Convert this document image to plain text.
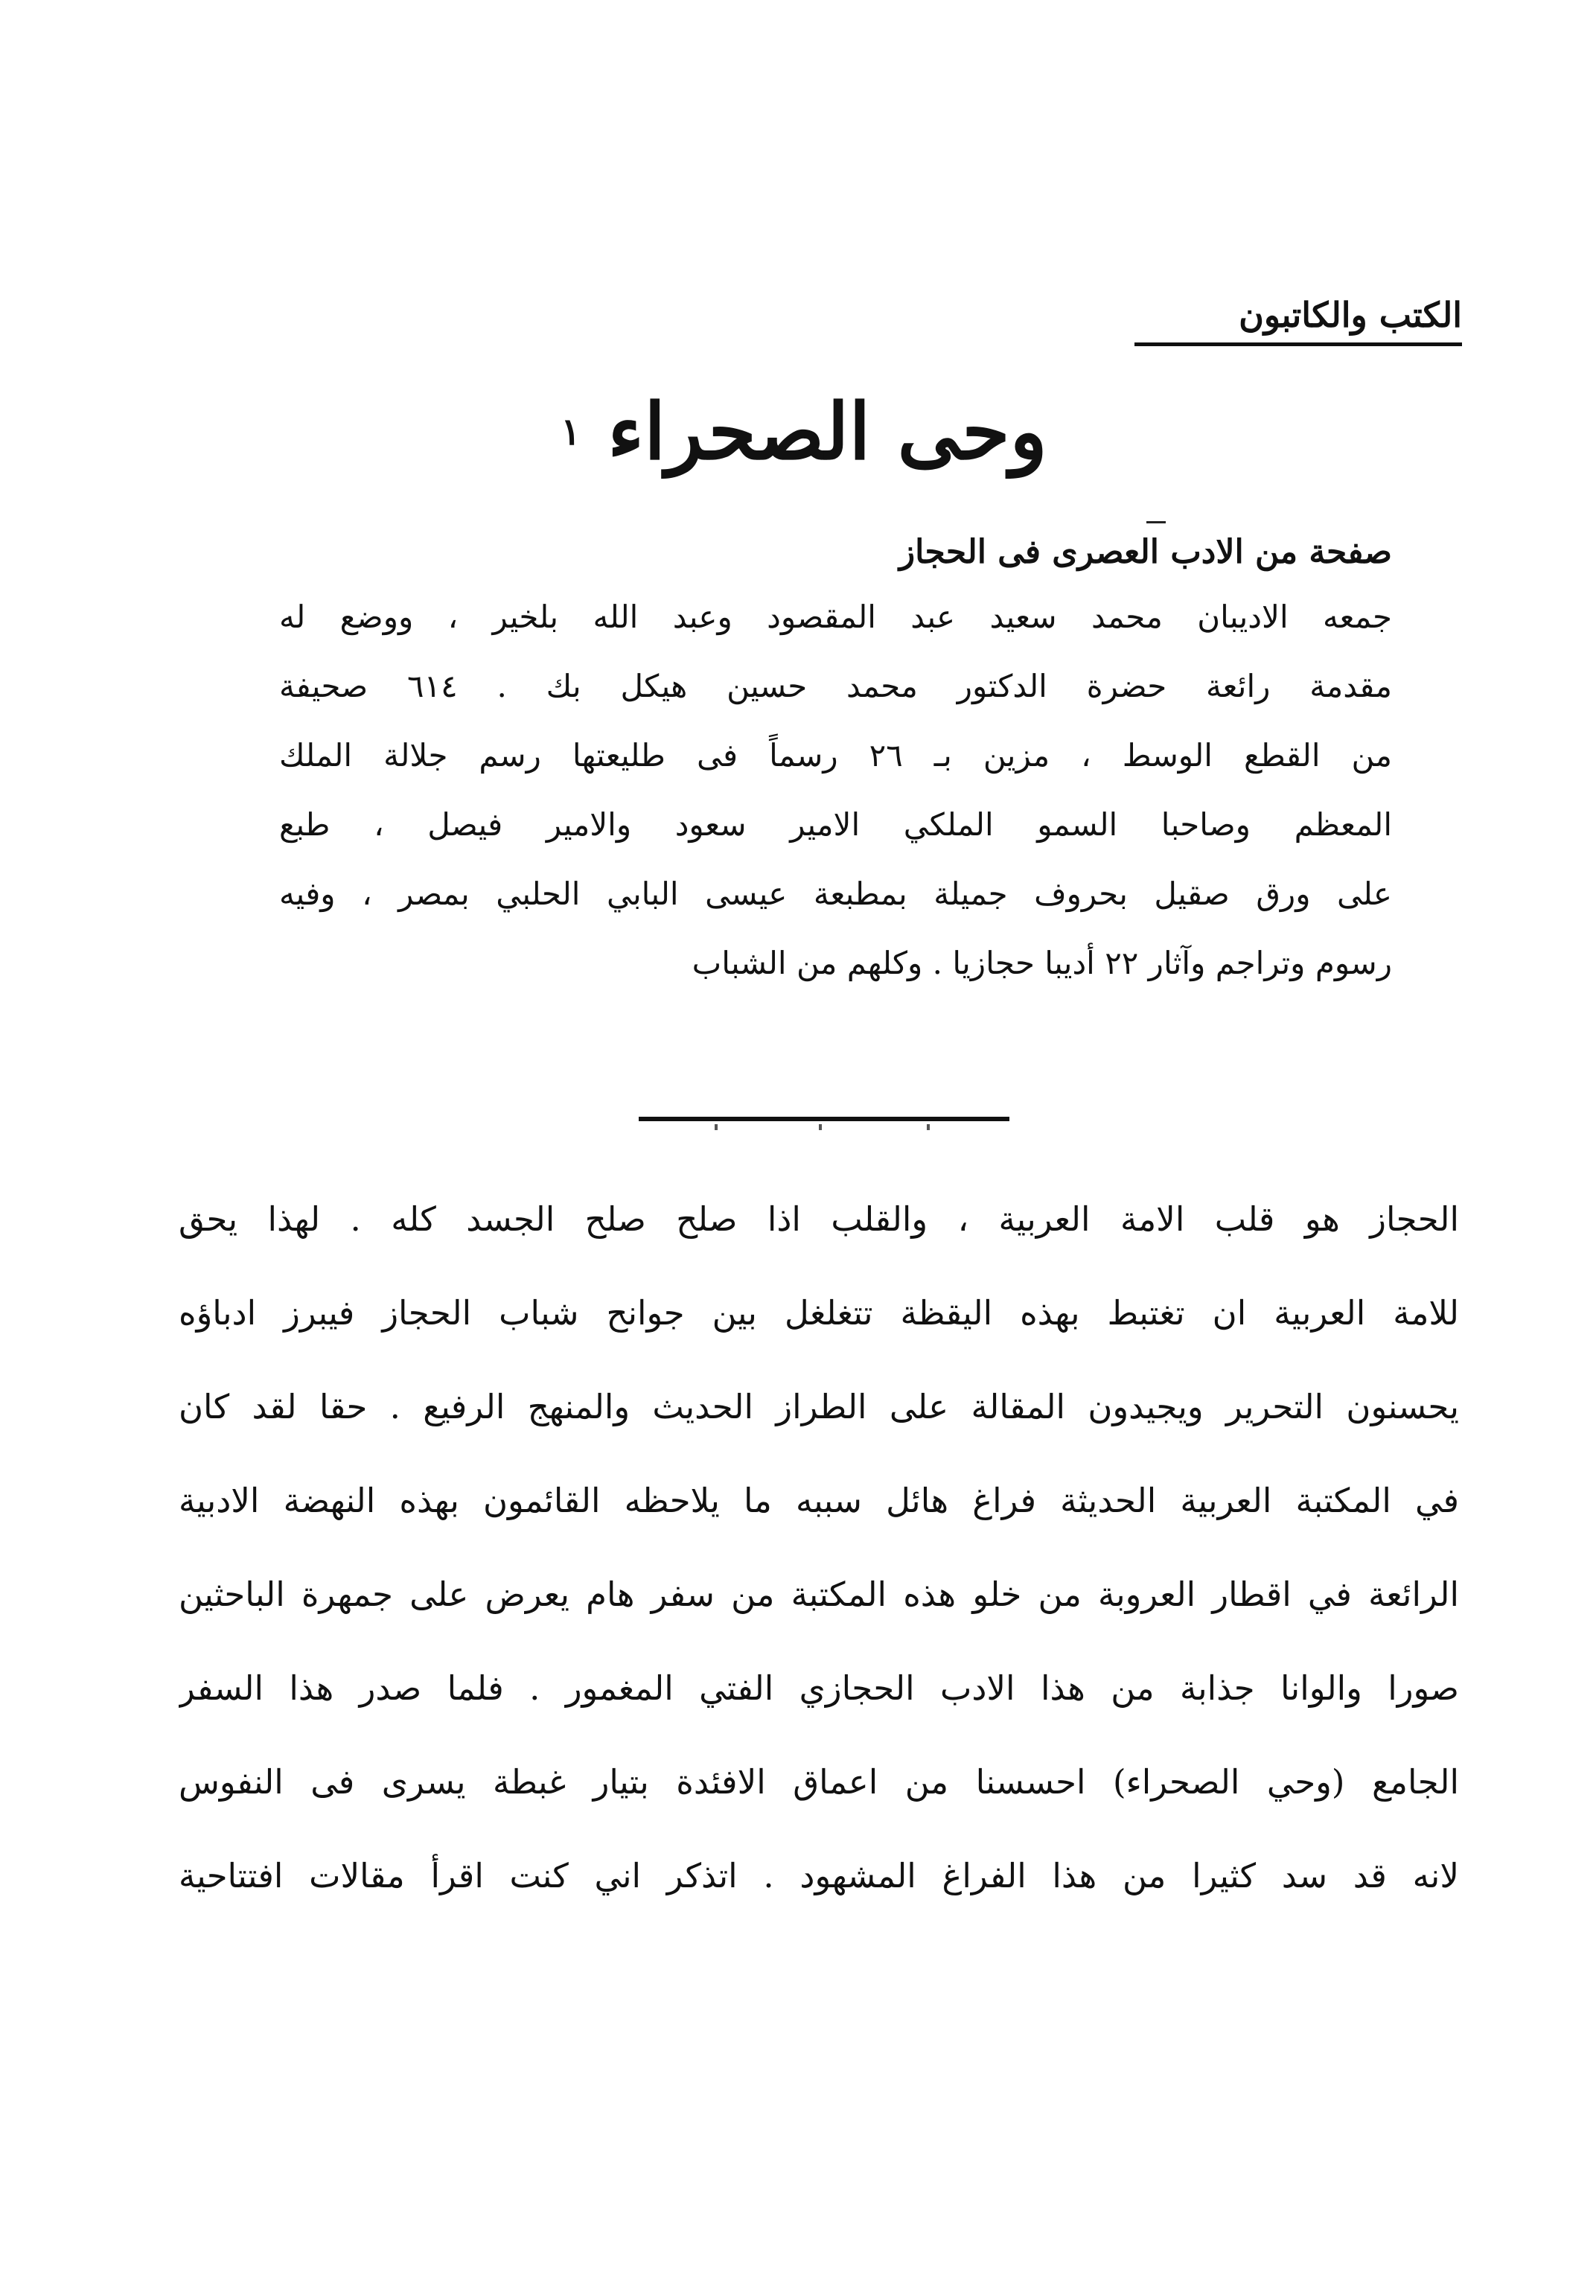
الكتب والكاتبون
وحى الصحراء $^١$
صفحة من الادب العصرى فى الحجاز
جمعه الاديبان محمد سعيد عبد المقصود وعبد الله بلخير ، ووضع له
مقدمة رائعة حضرة الدكتور محمد حسين هيكل بك . ٦١٤ صحيفة
من القطع الوسط ، مزين بـ ٢٦ رسماً فى طليعتها رسم جلالة الملك
المعظم وصاحبا السمو الملكي الامير سعود والامير فيصل ، طبع
على ورق صقيل بحروف جميلة بمطبعة عيسى البابي الحلبي بمصر ، وفيه
رسوم وتراجم وآثار ٢٢ أديبا حجازيا . وكلهم من الشباب
الحجاز هو قلب الامة العربية ، والقلب اذا صلح صلح الجسد كله . لهذا يحق
للامة العربية ان تغتبط بهذه اليقظة تتغلغل بين جوانح شباب الحجاز فيبرز ادباؤه
يحسنون التحرير ويجيدون المقالة على الطراز الحديث والمنهج الرفيع . حقا لقد كان
في المكتبة العربية الحديثة فراغ هائل سببه ما يلاحظه القائمون بهذه النهضة الادبية
الرائعة في اقطار العروبة من خلو هذه المكتبة من سفر هام يعرض على جمهرة الباحثين
صورا والوانا جذابة من هذا الادب الحجازي الفتي المغمور . فلما صدر هذا السفر
الجامع (وحي الصحراء) احسسنا من اعماق الافئدة بتيار غبطة يسرى فى النفوس
لانه قد سد كثيرا من هذا الفراغ المشهود . اتذكر اني كنت اقرأ مقالات افتتاحية
